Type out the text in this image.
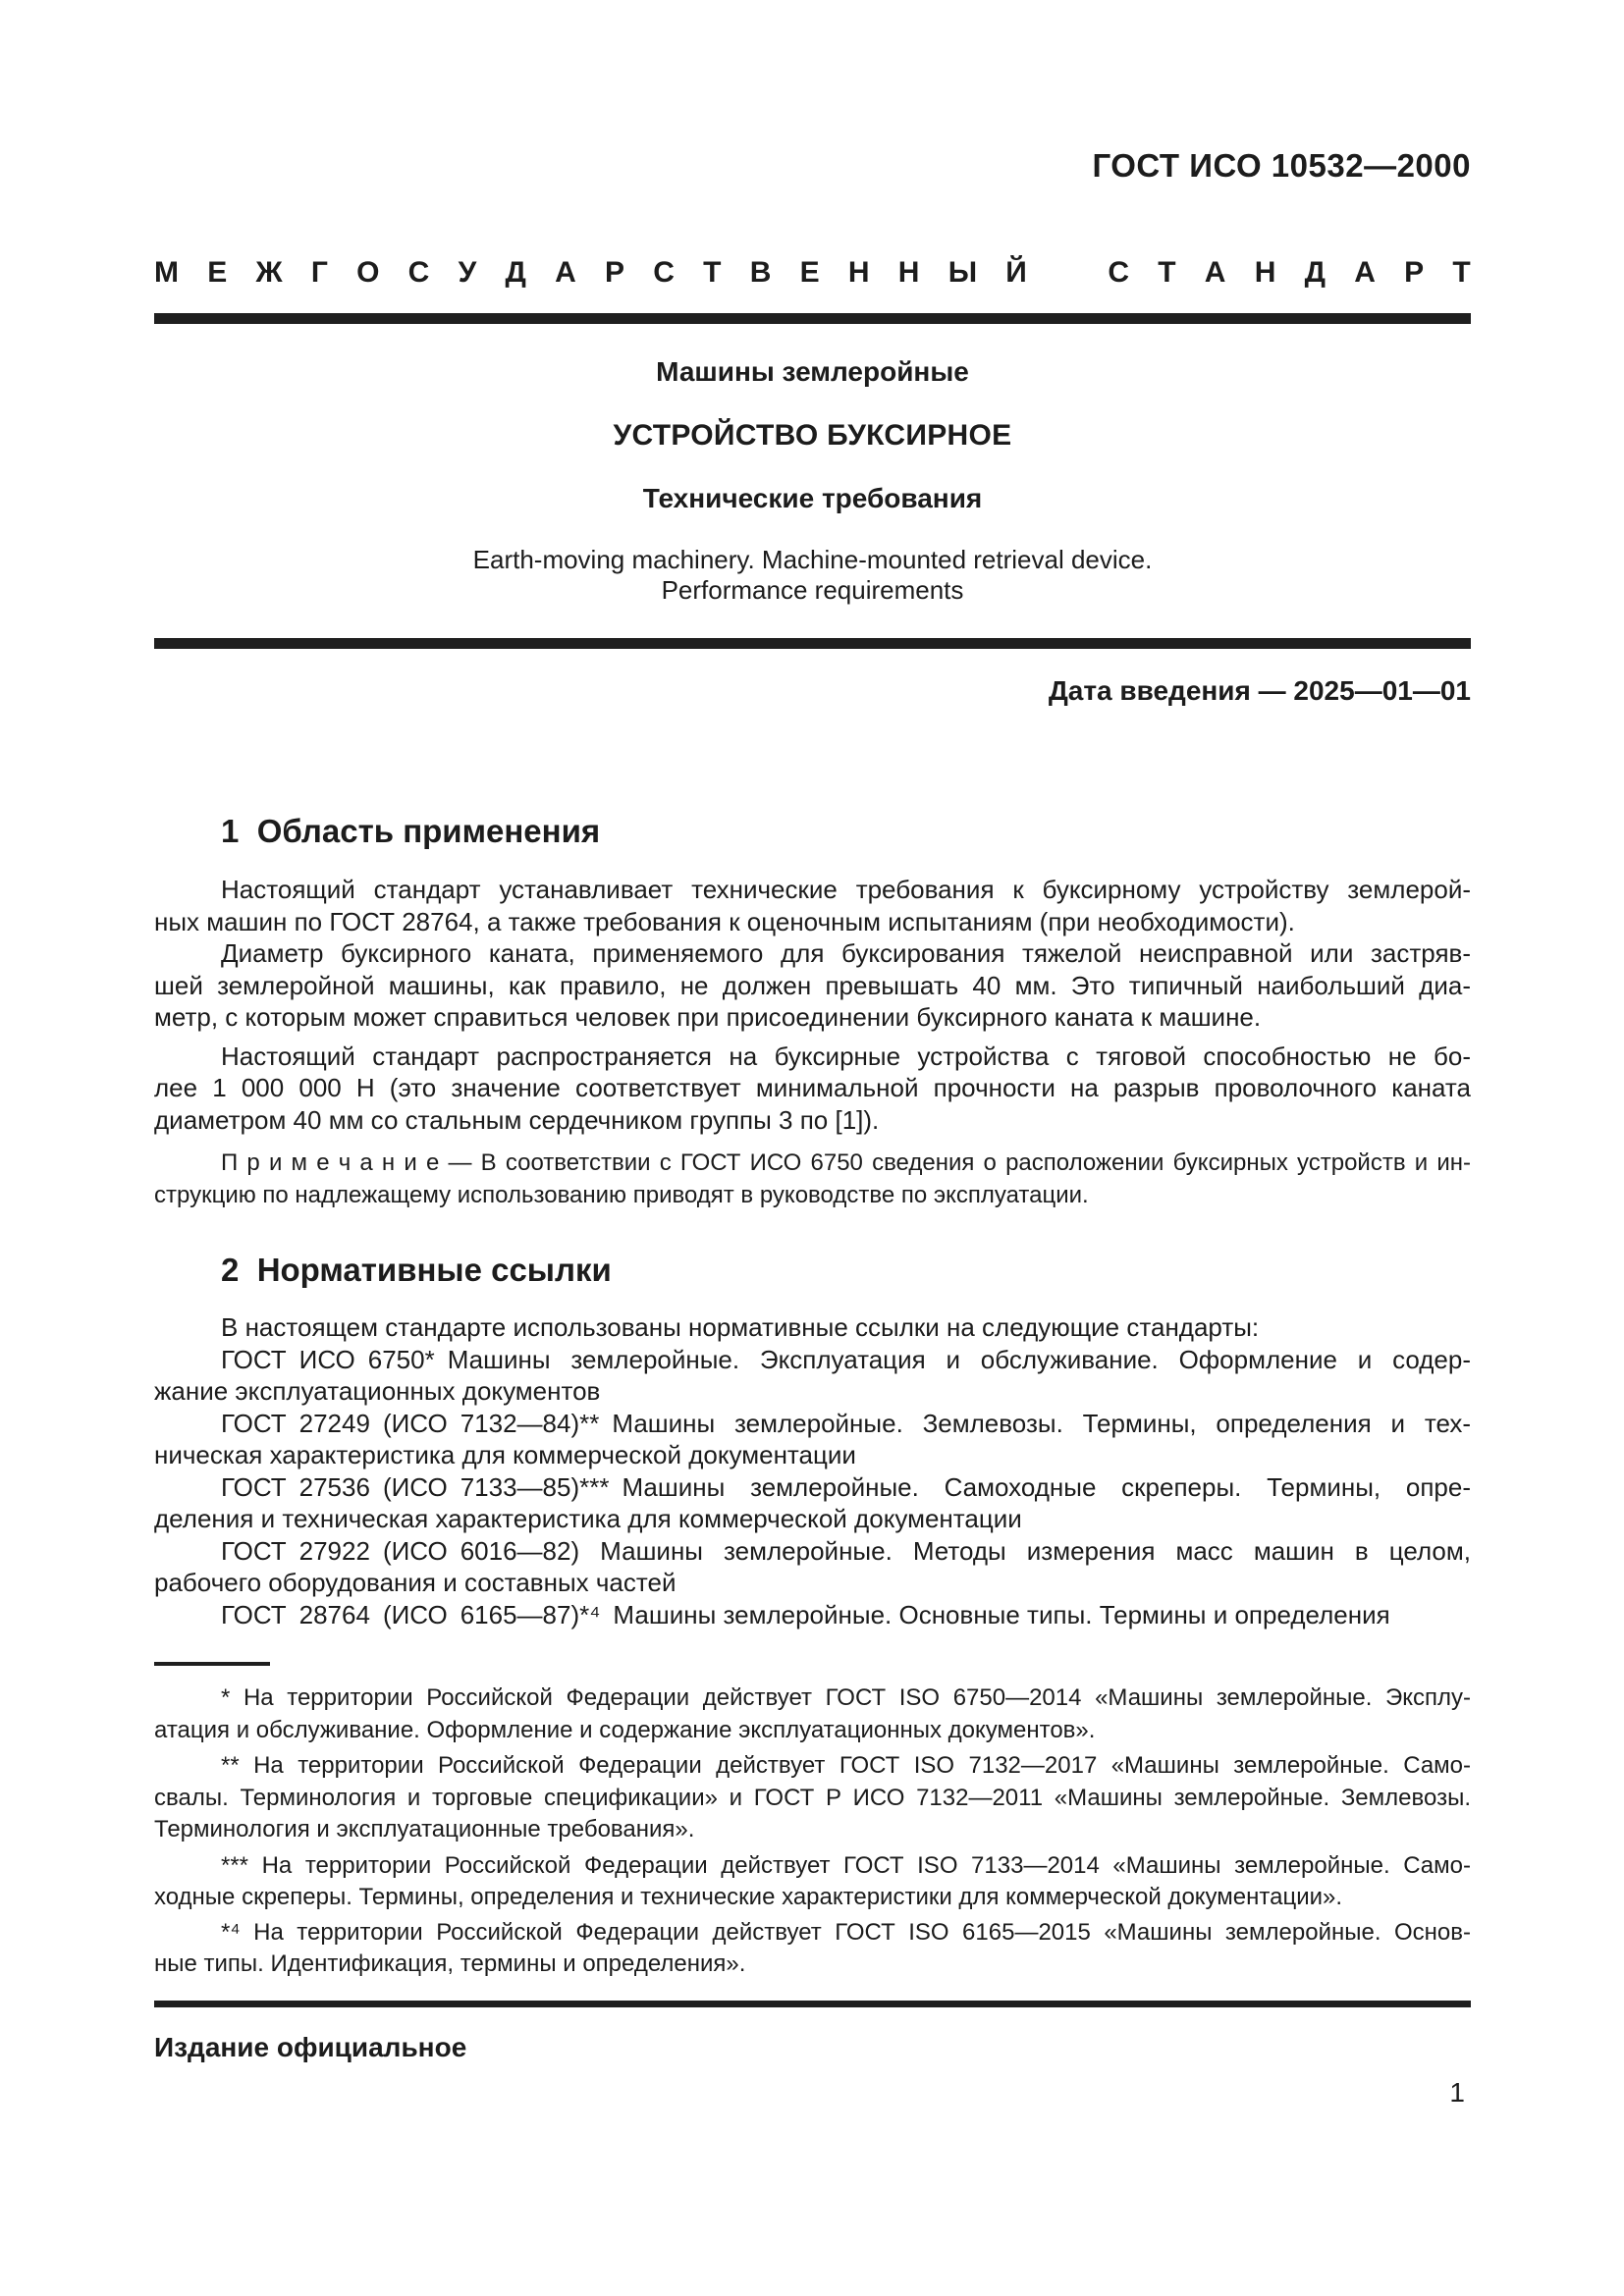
ГОСТ ИСО 10532—2000
М Е Ж Г О С У Д А Р С Т В Е Н Н Ы Й	С Т А Н Д А Р Т
Машины землеройные
УСТРОЙСТВО БУКСИРНОЕ
Технические требования
Earth-moving machinery. Machine-mounted retrieval device.
Performance requirements
Дата введения — 2025—01—01
1  Область применения
Настоящий стандарт устанавливает технические требования к буксирному устройству землерой-
ных машин по ГОСТ 28764, а также требования к оценочным испытаниям (при необходимости).
Диаметр буксирного каната, применяемого для буксирования тяжелой неисправной или застряв-
шей землеройной машины, как правило, не должен превышать 40 мм. Это типичный наибольший диа-
метр, с которым может справиться человек при присоединении буксирного каната к машине.
Настоящий стандарт распространяется на буксирные устройства с тяговой способностью не бо-
лее 1 000 000 Н (это значение соответствует минимальной прочности на разрыв проволочного каната
диаметром 40 мм со стальным сердечником группы 3 по [1]).
П р и м е ч а н и е — В соответствии с ГОСТ ИСО 6750 сведения о расположении буксирных устройств и ин-
струкцию по надлежащему использованию приводят в руководстве по эксплуатации.
2  Нормативные ссылки
В настоящем стандарте использованы нормативные ссылки на следующие стандарты:
ГОСТ ИСО 6750* Машины землеройные. Эксплуатация и обслуживание. Оформление и содер-
жание эксплуатационных документов
ГОСТ 27249 (ИСО 7132—84)** Машины землеройные. Землевозы. Термины, определения и тех-
ническая характеристика для коммерческой документации
ГОСТ 27536 (ИСО 7133—85)*** Машины землеройные. Самоходные скреперы. Термины, опре-
деления и техническая характеристика для коммерческой документации
ГОСТ 27922 (ИСО 6016—82) Машины землеройные. Методы измерения масс машин в целом,
рабочего оборудования и составных частей
ГОСТ 28764 (ИСО 6165—87)*⁴ Машины землеройные. Основные типы. Термины и определения
* На территории Российской Федерации действует ГОСТ ISO 6750—2014 «Машины землеройные. Эксплу-
атация и обслуживание. Оформление и содержание эксплуатационных документов».
** На территории Российской Федерации действует ГОСТ ISO 7132—2017 «Машины землеройные. Само-
свалы. Терминология и торговые спецификации» и ГОСТ Р ИСО 7132—2011 «Машины землеройные. Землевозы.
Терминология и эксплуатационные требования».
*** На территории Российской Федерации действует ГОСТ ISO 7133—2014 «Машины землеройные. Само-
ходные скреперы. Термины, определения и технические характеристики для коммерческой документации».
*⁴ На территории Российской Федерации действует ГОСТ ISO 6165—2015 «Машины землеройные. Основ-
ные типы. Идентификация, термины и определения».
Издание официальное
1
